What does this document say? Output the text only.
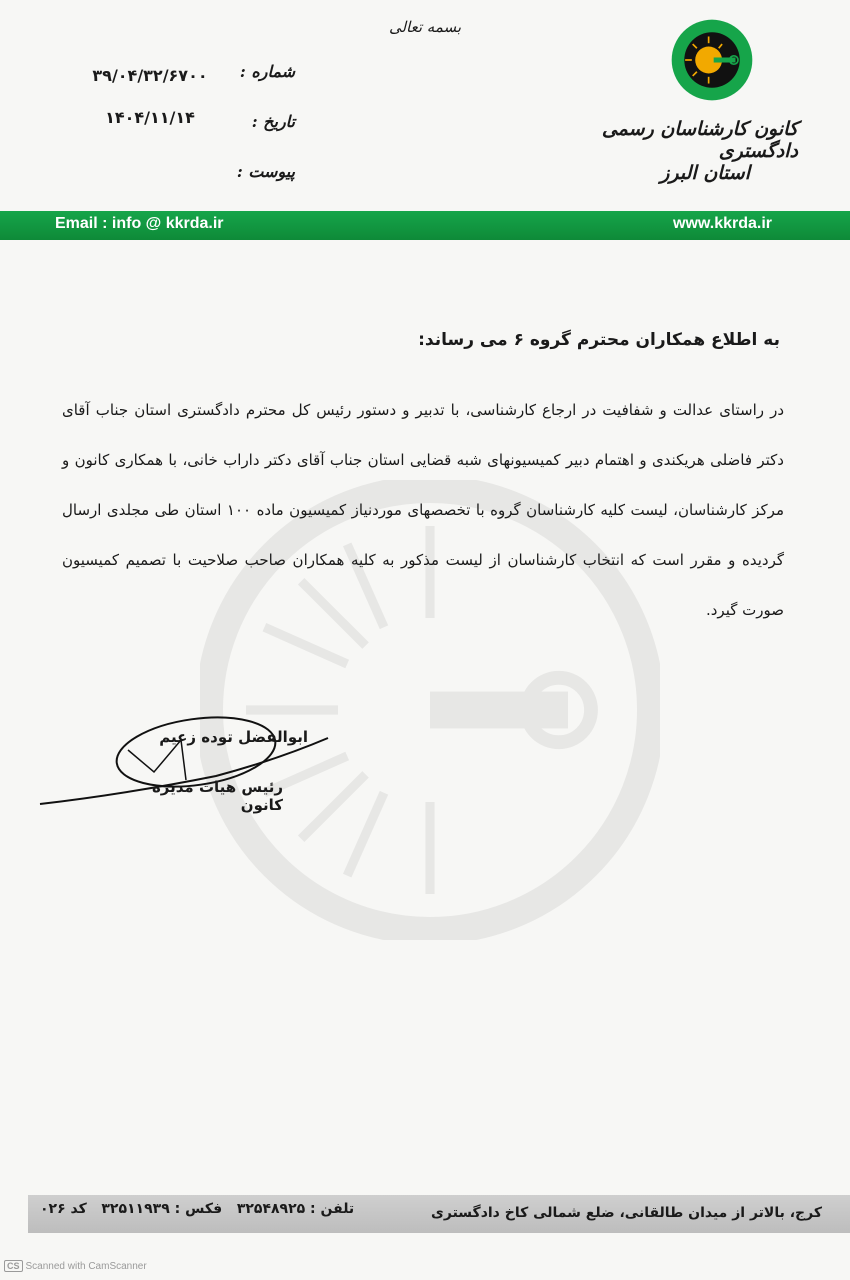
بسمه تعالی
کانون کارشناسان رسمی دادگستری
استان البرز
شماره :
۳۹/۰۴/۳۲/۶۷۰۰
تاریخ :
۱۴۰۴/۱۱/۱۴
پیوست :
Email : info @ kkrda.ir	www.kkrda.ir
به اطلاع همکاران محترم گروه ۶ می رساند:
در راستای عدالت و شفافیت در ارجاع کارشناسی، با تدبیر و دستور رئیس کل محترم دادگستری استان جناب آقای دکتر فاضلی هریکندی و اهتمام دبیر کمیسیونهای شبه قضایی استان جناب آقای دکتر داراب خانی، با همکاری کانون و مرکز کارشناسان، لیست کلیه کارشناسان گروه با تخصصهای موردنیاز کمیسیون ماده ۱۰۰ استان طی مجلدی ارسال گردیده و مقرر است که انتخاب کارشناسان از لیست مذکور به کلیه همکاران صاحب صلاحیت با تصمیم کمیسیون صورت گیرد.
ابوالفضل توده زعیم
رئیس هیات مدیره کانون
کرج، بالاتر از میدان طالقانی، ضلع شمالی کاخ دادگستری
تلفن : ۳۲۵۴۸۹۲۵   فکس : ۳۲۵۱۱۹۳۹   کد ۰۲۶
CS Scanned with CamScanner
